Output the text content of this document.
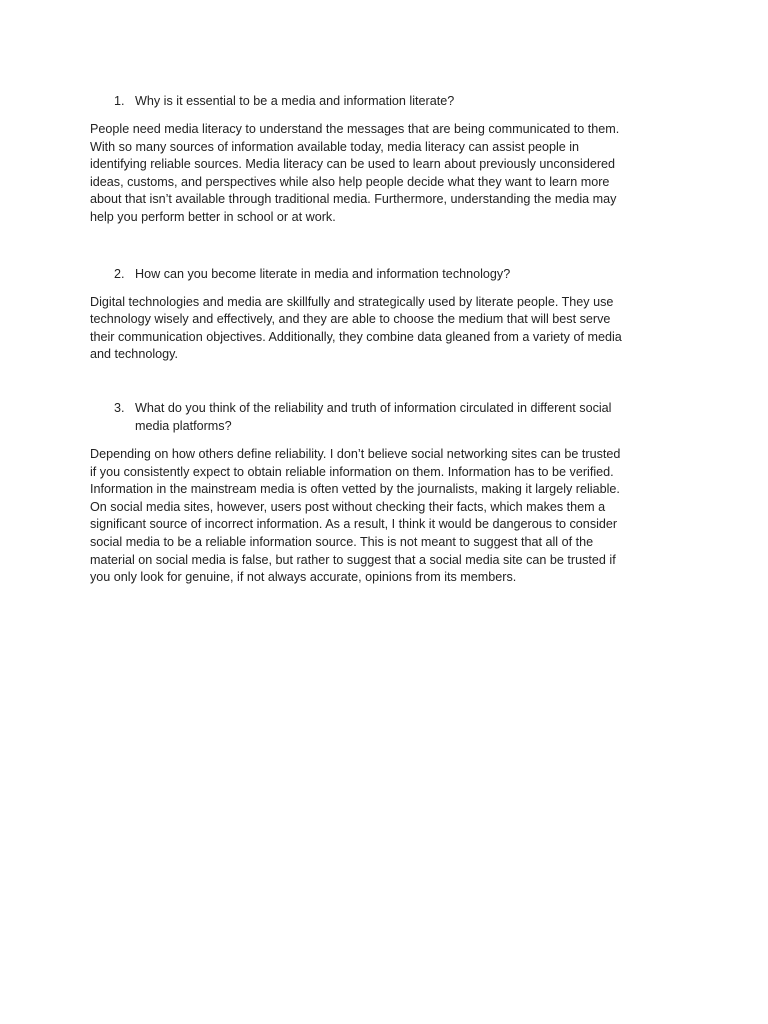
1. Why is it essential to be a media and information literate?
People need media literacy to understand the messages that are being communicated to them.
With so many sources of information available today, media literacy can assist people in
identifying reliable sources. Media literacy can be used to learn about previously unconsidered
ideas, customs, and perspectives while also help people decide what they want to learn more
about that isn’t available through traditional media. Furthermore, understanding the media may
help you perform better in school or at work.
2. How can you become literate in media and information technology?
Digital technologies and media are skillfully and strategically used by literate people. They use
technology wisely and effectively, and they are able to choose the medium that will best serve
their communication objectives. Additionally, they combine data gleaned from a variety of media
and technology.
3. What do you think of the reliability and truth of information circulated in different social
media platforms?
Depending on how others define reliability. I don’t believe social networking sites can be trusted
if you consistently expect to obtain reliable information on them. Information has to be verified.
Information in the mainstream media is often vetted by the journalists, making it largely reliable.
On social media sites, however, users post without checking their facts, which makes them a
significant source of incorrect information. As a result, I think it would be dangerous to consider
social media to be a reliable information source. This is not meant to suggest that all of the
material on social media is false, but rather to suggest that a social media site can be trusted if
you only look for genuine, if not always accurate, opinions from its members.
